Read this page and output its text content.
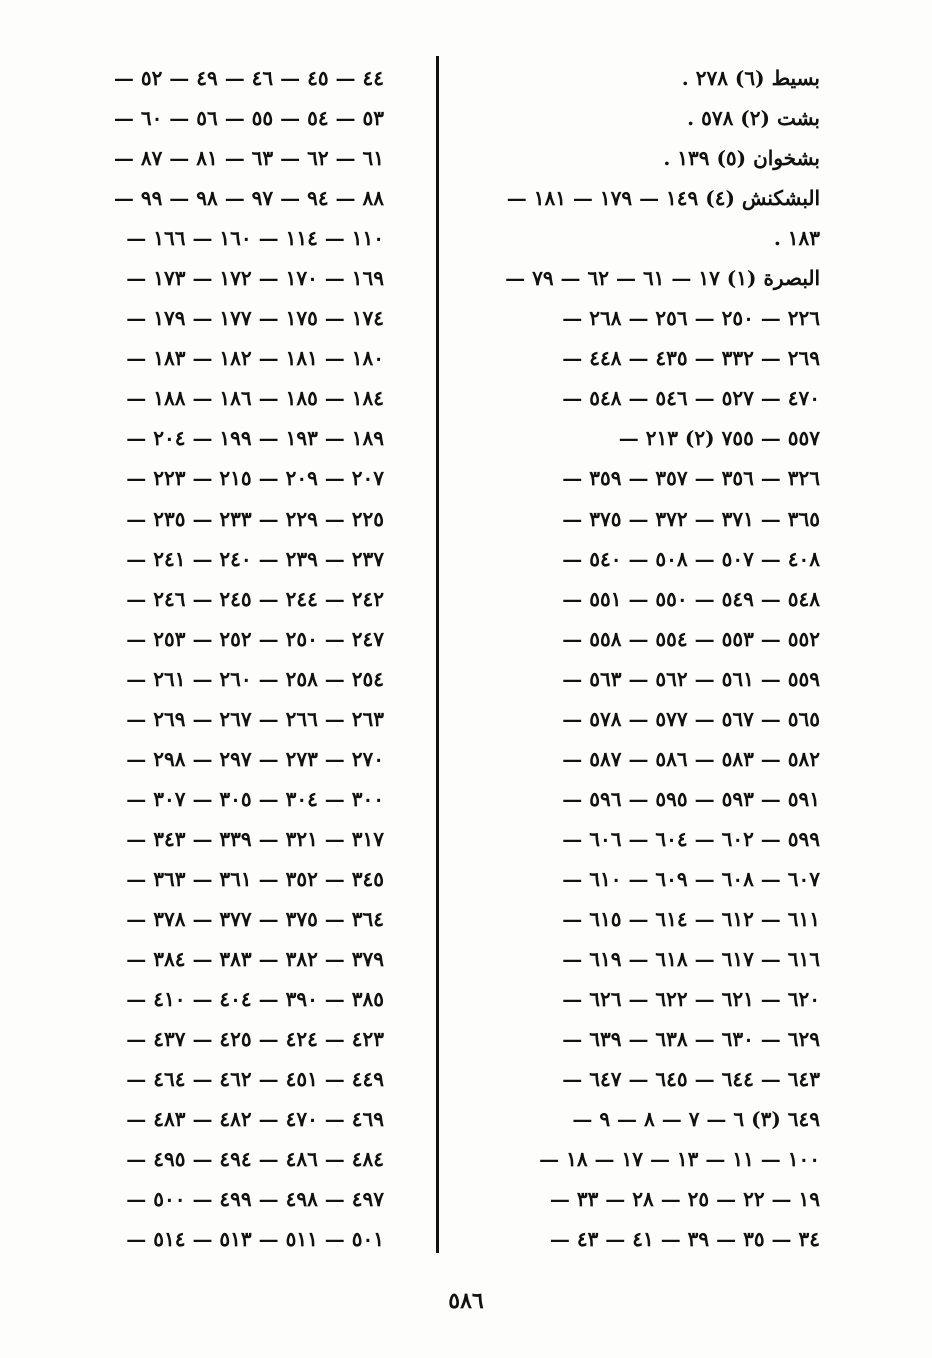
بسيط (٦) ٢٧٨ .
بشت (٢) ٥٧٨ .
بشخوان (٥) ١٣٩ .
البشكنش (٤) ١٤٩ — ١٧٩ — ١٨١ —
١٨٣ .
البصرة (١) ١٧ — ٦١ — ٦٢ — ٧٩ —
٢٢٦ — ٢٥٠ — ٢٥٦ — ٢٦٨ —
٢٦٩ — ٣٣٢ — ٤٣٥ — ٤٤٨ —
٤٧٠ — ٥٢٧ — ٥٤٦ — ٥٤٨ —
٥٥٧ — ٧٥٥ (٢) ٢١٣ —
٣٢٦ — ٣٥٦ — ٣٥٧ — ٣٥٩ —
٣٦٥ — ٣٧١ — ٣٧٢ — ٣٧٥ —
٤٠٨ — ٥٠٧ — ٥٠٨ — ٥٤٠ —
٥٤٨ — ٥٤٩ — ٥٥٠ — ٥٥١ —
٥٥٢ — ٥٥٣ — ٥٥٤ — ٥٥٨ —
٥٥٩ — ٥٦١ — ٥٦٢ — ٥٦٣ —
٥٦٥ — ٥٦٧ — ٥٧٧ — ٥٧٨ —
٥٨٢ — ٥٨٣ — ٥٨٦ — ٥٨٧ —
٥٩١ — ٥٩٣ — ٥٩٥ — ٥٩٦ —
٥٩٩ — ٦٠٢ — ٦٠٤ — ٦٠٦ —
٦٠٧ — ٦٠٨ — ٦٠٩ — ٦١٠ —
٦١١ — ٦١٢ — ٦١٤ — ٦١٥ —
٦١٦ — ٦١٧ — ٦١٨ — ٦١٩ —
٦٢٠ — ٦٢١ — ٦٢٢ — ٦٢٦ —
٦٢٩ — ٦٣٠ — ٦٣٨ — ٦٣٩ —
٦٤٣ — ٦٤٤ — ٦٤٥ — ٦٤٧ —
٦٤٩ (٣) ٦ — ٧ — ٨ — ٩ —
١٠٠ — ١١ — ١٣ — ١٧ — ١٨ —
١٩ — ٢٢ — ٢٥ — ٢٨ — ٣٣ —
٣٤ — ٣٥ — ٣٩ — ٤١ — ٤٣ —
٤٤ — ٤٥ — ٤٦ — ٤٩ — ٥٢ —
٥٣ — ٥٤ — ٥٥ — ٥٦ — ٦٠ —
٦١ — ٦٢ — ٦٣ — ٨١ — ٨٧ —
٨٨ — ٩٤ — ٩٧ — ٩٨ — ٩٩ —
١١٠ — ١١٤ — ١٦٠ — ١٦٦ —
١٦٩ — ١٧٠ — ١٧٢ — ١٧٣ —
١٧٤ — ١٧٥ — ١٧٧ — ١٧٩ —
١٨٠ — ١٨١ — ١٨٢ — ١٨٣ —
١٨٤ — ١٨٥ — ١٨٦ — ١٨٨ —
١٨٩ — ١٩٣ — ١٩٩ — ٢٠٤ —
٢٠٧ — ٢٠٩ — ٢١٥ — ٢٢٣ —
٢٢٥ — ٢٢٩ — ٢٣٣ — ٢٣٥ —
٢٣٧ — ٢٣٩ — ٢٤٠ — ٢٤١ —
٢٤٢ — ٢٤٤ — ٢٤٥ — ٢٤٦ —
٢٤٧ — ٢٥٠ — ٢٥٢ — ٢٥٣ —
٢٥٤ — ٢٥٨ — ٢٦٠ — ٢٦١ —
٢٦٣ — ٢٦٦ — ٢٦٧ — ٢٦٩ —
٢٧٠ — ٢٧٣ — ٢٩٧ — ٢٩٨ —
٣٠٠ — ٣٠٤ — ٣٠٥ — ٣٠٧ —
٣١٧ — ٣٢١ — ٣٣٩ — ٣٤٣ —
٣٤٥ — ٣٥٢ — ٣٦١ — ٣٦٣ —
٣٦٤ — ٣٧٥ — ٣٧٧ — ٣٧٨ —
٣٧٩ — ٣٨٢ — ٣٨٣ — ٣٨٤ —
٣٨٥ — ٣٩٠ — ٤٠٤ — ٤١٠ —
٤٢٣ — ٤٢٤ — ٤٢٥ — ٤٣٧ —
٤٤٩ — ٤٥١ — ٤٦٢ — ٤٦٤ —
٤٦٩ — ٤٧٠ — ٤٨٢ — ٤٨٣ —
٤٨٤ — ٤٨٦ — ٤٩٤ — ٤٩٥ —
٤٩٧ — ٤٩٨ — ٤٩٩ — ٥٠٠ —
٥٠١ — ٥١١ — ٥١٣ — ٥١٤ —
٥٨٦
